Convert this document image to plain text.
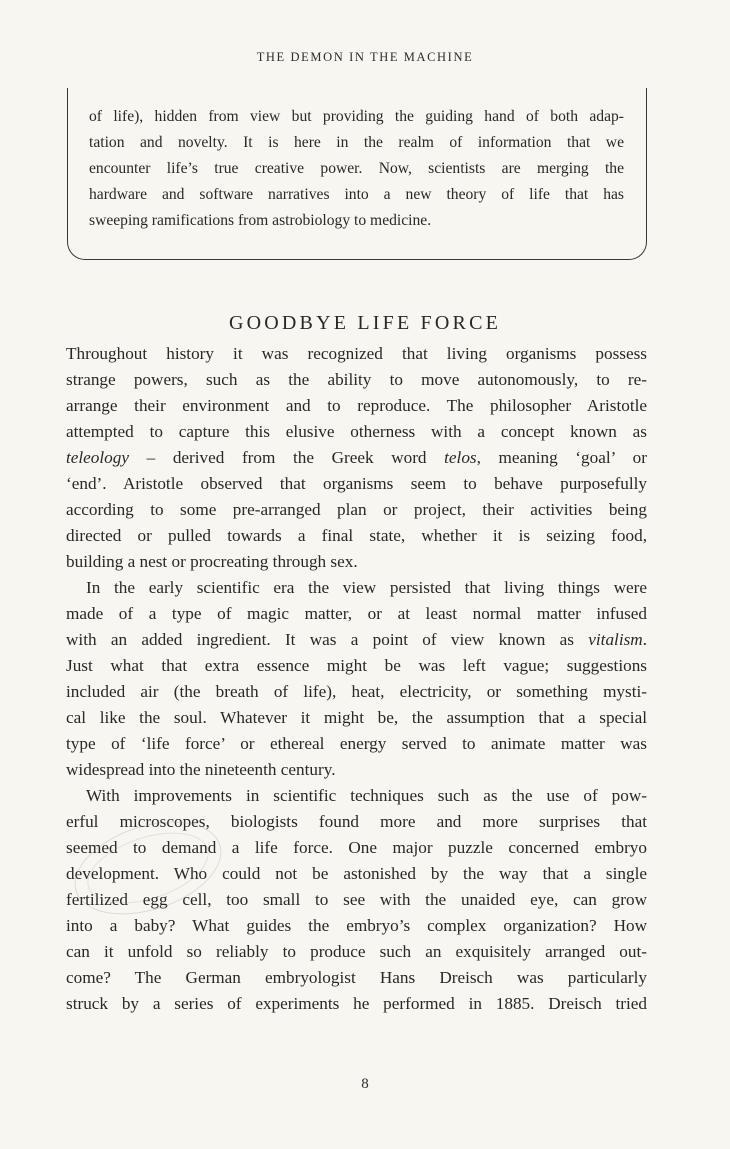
THE DEMON IN THE MACHINE
of life), hidden from view but providing the guiding hand of both adap-
tation and novelty. It is here in the realm of information that we
encounter life’s true creative power. Now, scientists are merging the
hardware and software narratives into a new theory of life that has
sweeping ramifications from astrobiology to medicine.
GOODBYE LIFE FORCE
Throughout history it was recognized that living organisms possess
strange powers, such as the ability to move autonomously, to re-
arrange their environment and to reproduce. The philosopher Aristotle
attempted to capture this elusive otherness with a concept known as
teleology – derived from the Greek word telos, meaning ‘goal’ or
‘end’. Aristotle observed that organisms seem to behave purposefully
according to some pre-arranged plan or project, their activities being
directed or pulled towards a final state, whether it is seizing food,
building a nest or procreating through sex.
In the early scientific era the view persisted that living things were
made of a type of magic matter, or at least normal matter infused
with an added ingredient. It was a point of view known as vitalism.
Just what that extra essence might be was left vague; suggestions
included air (the breath of life), heat, electricity, or something mysti-
cal like the soul. Whatever it might be, the assumption that a special
type of ‘life force’ or ethereal energy served to animate matter was
widespread into the nineteenth century.
With improvements in scientific techniques such as the use of pow-
erful microscopes, biologists found more and more surprises that
seemed to demand a life force. One major puzzle concerned embryo
development. Who could not be astonished by the way that a single
fertilized egg cell, too small to see with the unaided eye, can grow
into a baby? What guides the embryo’s complex organization? How
can it unfold so reliably to produce such an exquisitely arranged out-
come? The German embryologist Hans Dreisch was particularly
struck by a series of experiments he performed in 1885. Dreisch tried
8
